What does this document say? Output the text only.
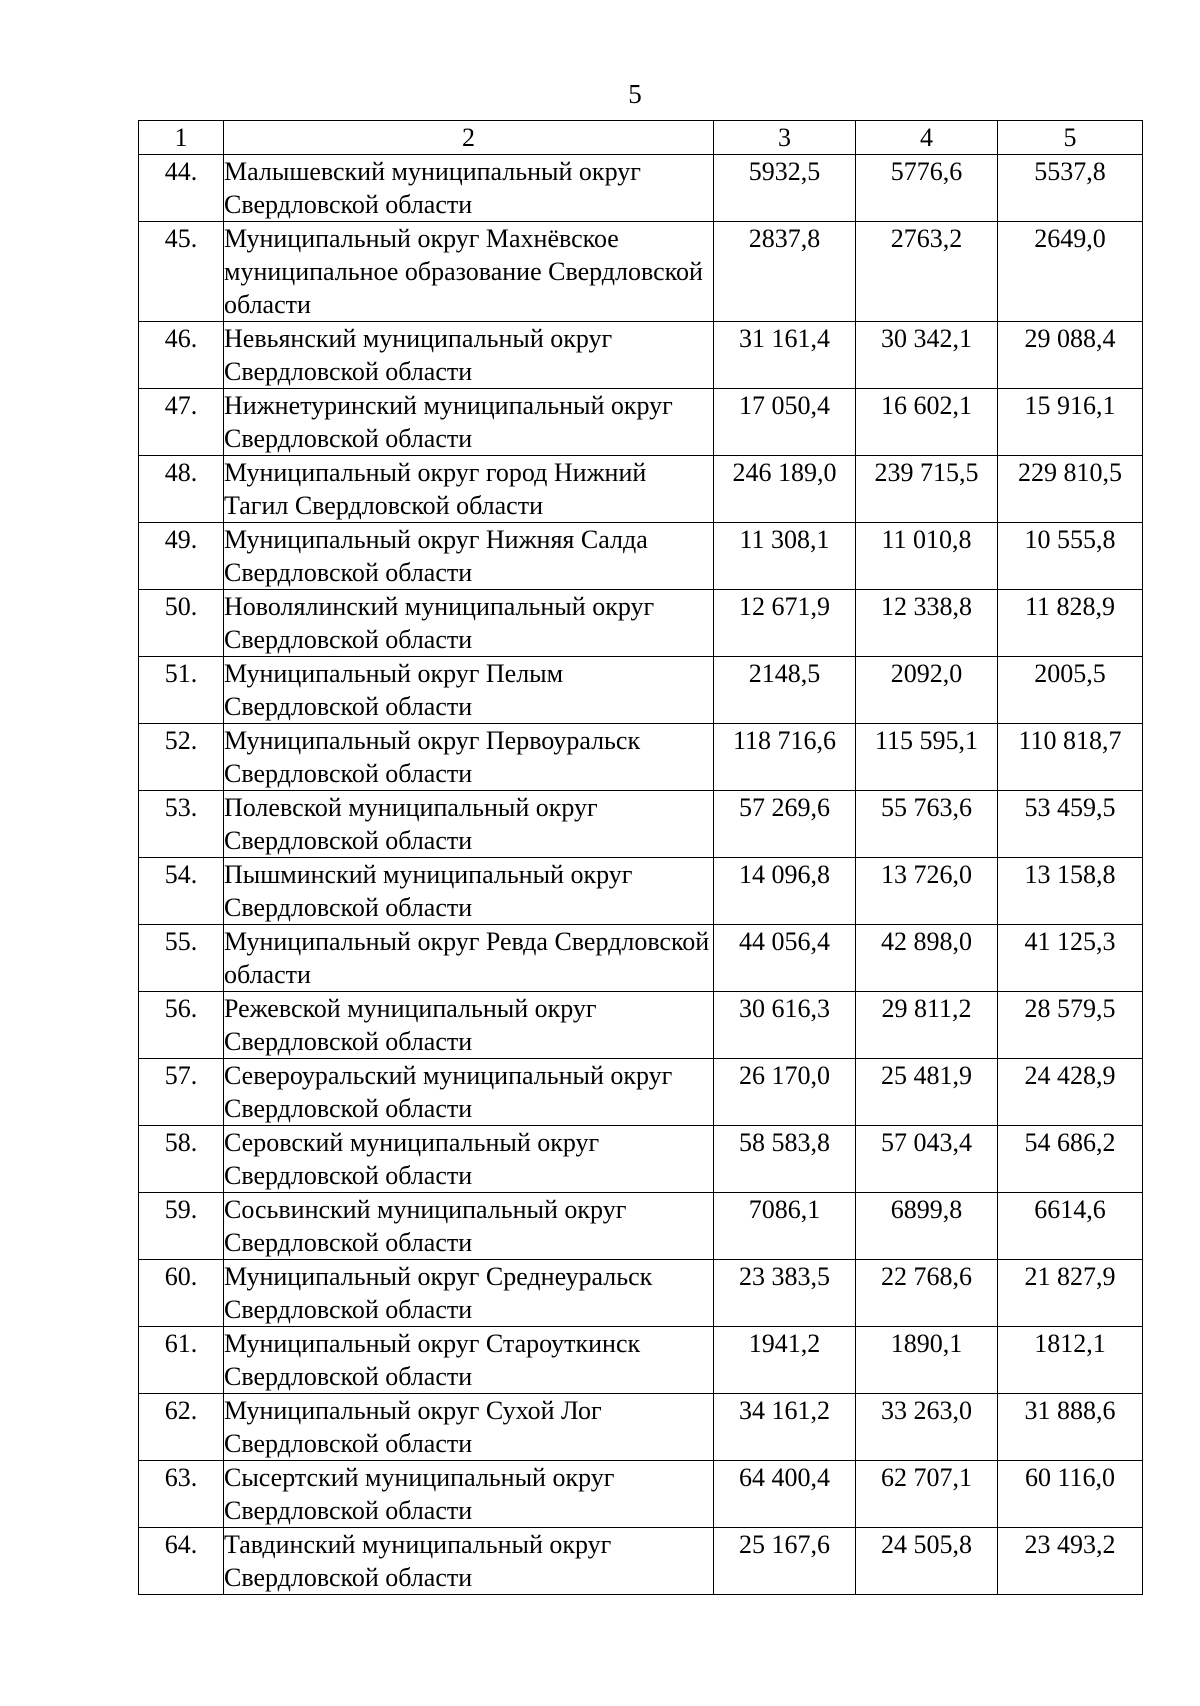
5
1	2	3	4	5
44.	Малышевский муниципальный округ Свердловской области	5932,5	5776,6	5537,8
45.	Муниципальный округ Махнёвское муниципальное образование Свердловской области	2837,8	2763,2	2649,0
46.	Невьянский муниципальный округ Свердловской области	31 161,4	30 342,1	29 088,4
47.	Нижнетуринский муниципальный округ Свердловской области	17 050,4	16 602,1	15 916,1
48.	Муниципальный округ город Нижний Тагил Свердловской области	246 189,0	239 715,5	229 810,5
49.	Муниципальный округ Нижняя Салда Свердловской области	11 308,1	11 010,8	10 555,8
50.	Новолялинский муниципальный округ Свердловской области	12 671,9	12 338,8	11 828,9
51.	Муниципальный округ Пелым Свердловской области	2148,5	2092,0	2005,5
52.	Муниципальный округ Первоуральск Свердловской области	118 716,6	115 595,1	110 818,7
53.	Полевской муниципальный округ Свердловской области	57 269,6	55 763,6	53 459,5
54.	Пышминский муниципальный округ Свердловской области	14 096,8	13 726,0	13 158,8
55.	Муниципальный округ Ревда Свердловской области	44 056,4	42 898,0	41 125,3
56.	Режевской муниципальный округ Свердловской области	30 616,3	29 811,2	28 579,5
57.	Североуральский муниципальный округ Свердловской области	26 170,0	25 481,9	24 428,9
58.	Серовский муниципальный округ Свердловской области	58 583,8	57 043,4	54 686,2
59.	Сосьвинский муниципальный округ Свердловской области	7086,1	6899,8	6614,6
60.	Муниципальный округ Среднеуральск Свердловской области	23 383,5	22 768,6	21 827,9
61.	Муниципальный округ Староуткинск Свердловской области	1941,2	1890,1	1812,1
62.	Муниципальный округ Сухой Лог Свердловской области	34 161,2	33 263,0	31 888,6
63.	Сысертский муниципальный округ Свердловской области	64 400,4	62 707,1	60 116,0
64.	Тавдинский муниципальный округ Свердловской области	25 167,6	24 505,8	23 493,2
